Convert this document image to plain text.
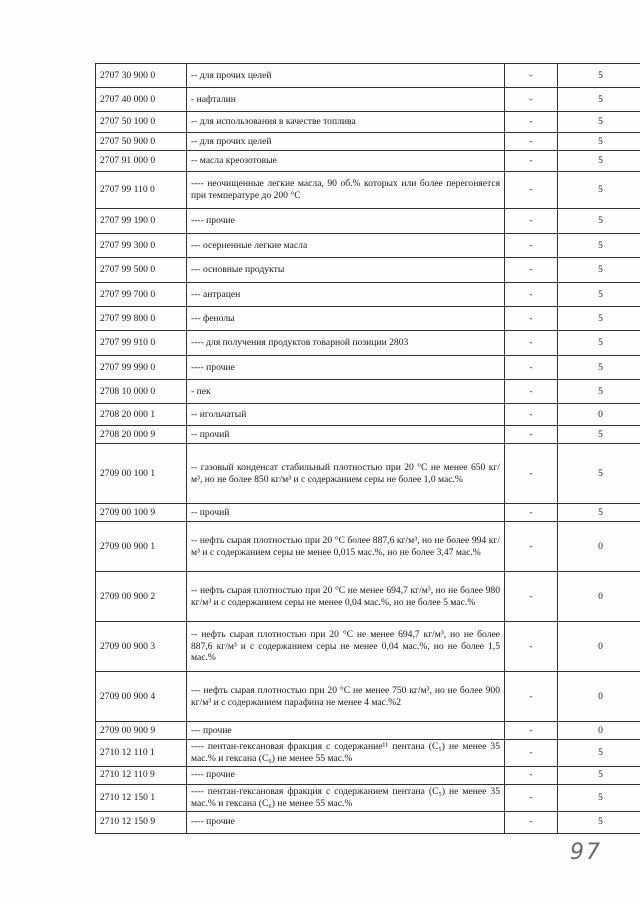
2707 30 900 0	-- для прочих целей	-	5
2707 40 000 0	- нафталин	-	5
2707 50 100 0	-- для использования в качестве топлива	-	5
2707 50 900 0	-- для прочих целей	-	5
2707 91 000 0	-- масла креозотовые	-	5
2707 99 110 0	---- неочищенные легкие масла, 90 об.% которых или более перегоняется при температуре до 200 °С	-	5
2707 99 190 0	---- прочие	-	5
2707 99 300 0	--- осерненные легкие масла	-	5
2707 99 500 0	--- основные продукты	-	5
2707 99 700 0	--- антрацен	-	5
2707 99 800 0	--- фенолы	-	5
2707 99 910 0	---- для получения продуктов товарной позиции 2803	-	5
2707 99 990 0	---- прочие	-	5
2708 10 000 0	- пек	-	5
2708 20 000 1	-- игольчатый	-	0
2708 20 000 9	-- прочий	-	5
2709 00 100 1	-- газовый конденсат стабильный плотностью при 20 °С не менее 650 кг/м³, но не более 850 кг/м³ и с содержанием серы не более 1,0 мас.%	-	5
2709 00 100 9	-- прочий	-	5
2709 00 900 1	-- нефть сырая плотностью при 20 °С более 887,6 кг/м³, но не более 994 кг/м³ и с содержанием серы не менее 0,015 мас.%, но не более 3,47 мас.%	-	0
2709 00 900 2	-- нефть сырая плотностью при 20 °С не менее 694,7 кг/м³, но не более 980 кг/м³ и с содержанием серы не менее 0,04 мас.%, но не более 5 мас.%	-	0
2709 00 900 3	-- нефть сырая плотностью при 20 °С не менее 694,7 кг/м³, но не более 887,6 кг/м³ и с содержанием серы не менее 0,04 мас.%, но не более 1,5 мас.%	-	0
2709 00 900 4	--- нефть сырая плотностью при 20 °С не менее 750 кг/м³, но не более 900 кг/м³ и с содержанием парафина не менее 4 мас.%2	-	0
2709 00 900 9	--- прочие	-	0
2710 12 110 1	---- пентан-гексановая фракция с содержание¹¹ пентана (C₅) не менее 35 мас.% и гексана (C₆) не менее 55 мас.%	-	5
2710 12 110 9	---- прочие	-	5
2710 12 150 1	---- пентан-гексановая фракция с содержанием пентана (C₅) не менее 35 мас.% и гексана (C₆) не менее 55 мас.%	-	5
2710 12 150 9	---- прочие	-	5
97
